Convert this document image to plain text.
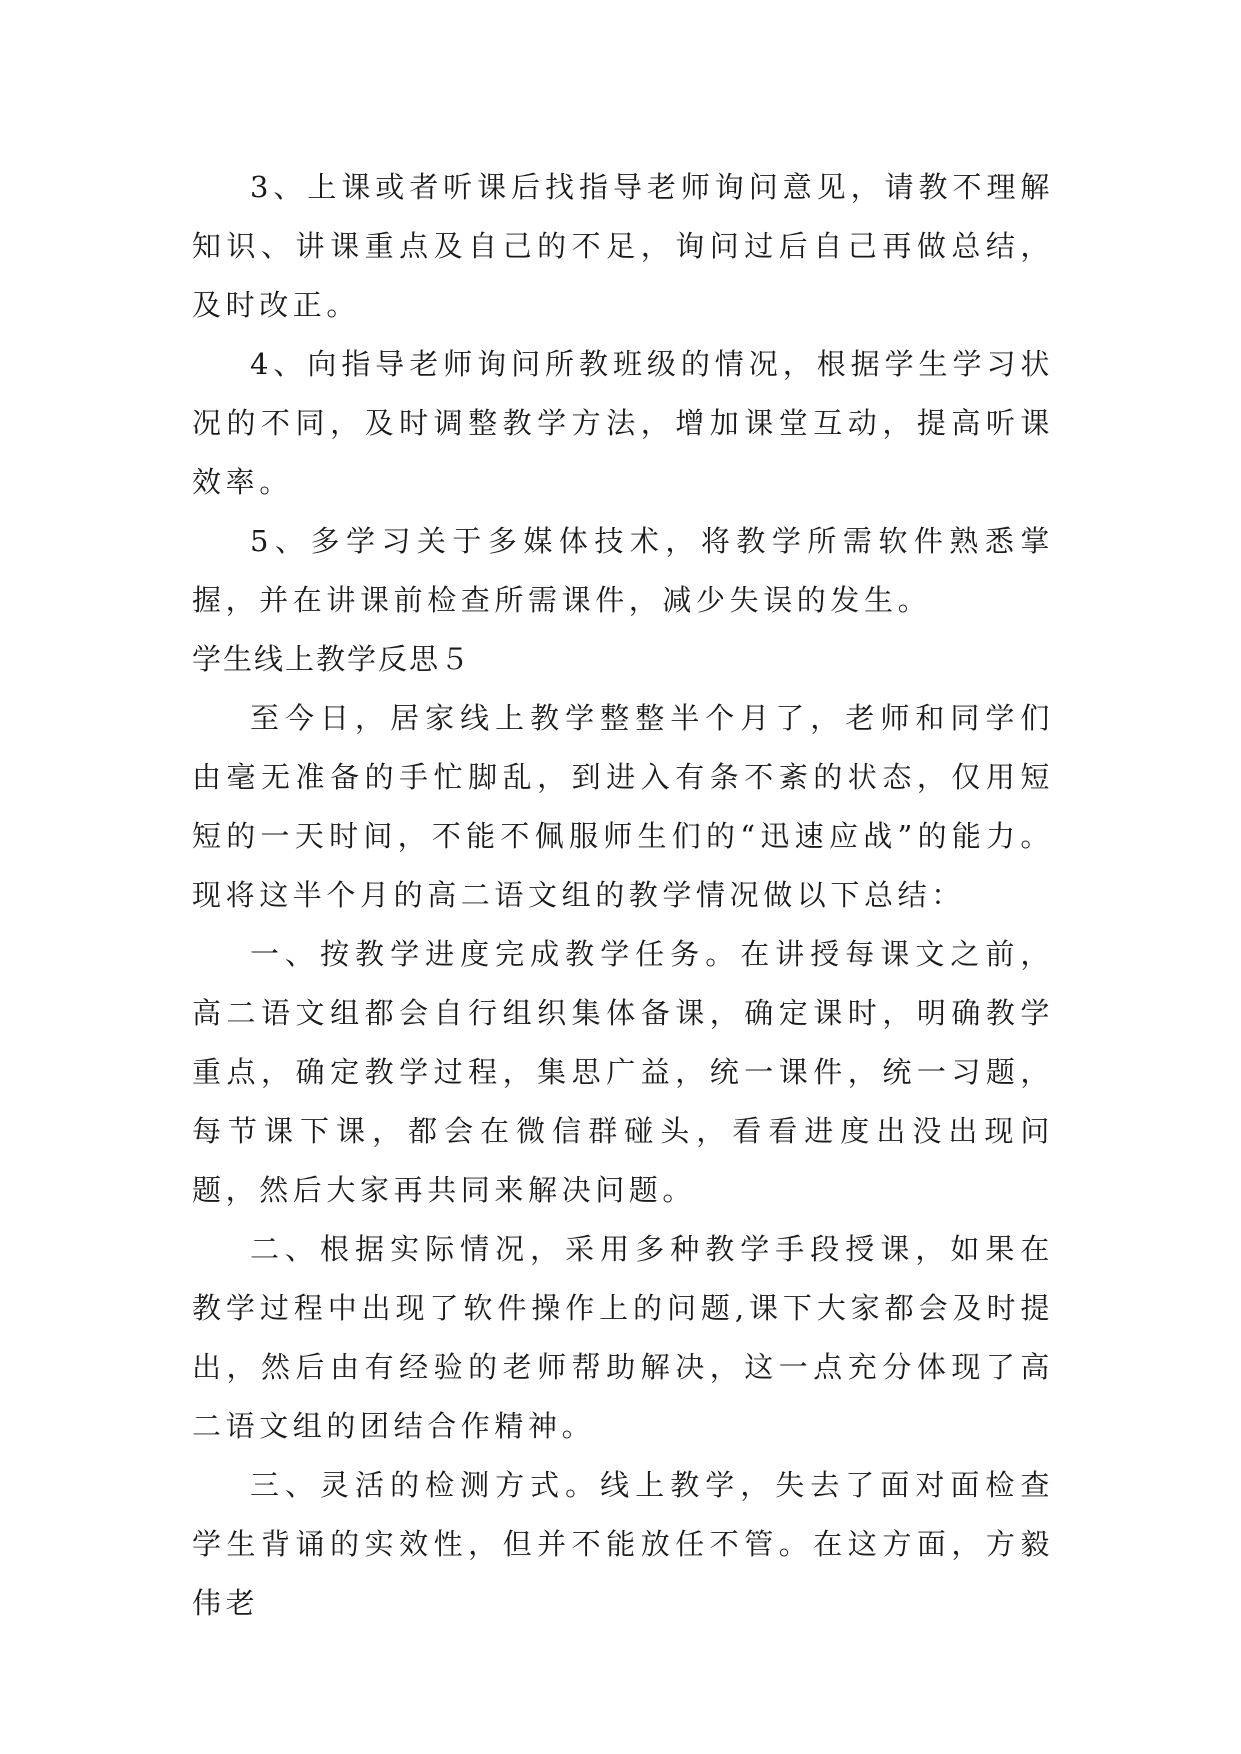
3、上课或者听课后找指导老师询问意见，请教不理解知识、讲课重点及自己的不足，询问过后自己再做总结，及时改正。

4、向指导老师询问所教班级的情况，根据学生学习状况的不同，及时调整教学方法，增加课堂互动，提高听课效率。

5、多学习关于多媒体技术，将教学所需软件熟悉掌握，并在讲课前检查所需课件，减少失误的发生。

学生线上教学反思５

至今日，居家线上教学整整半个月了，老师和同学们由毫无准备的手忙脚乱，到进入有条不紊的状态，仅用短短的一天时间，不能不佩服师生们的“迅速应战”的能力。现将这半个月的高二语文组的教学情况做以下总结：

一、按教学进度完成教学任务。在讲授每课文之前，高二语文组都会自行组织集体备课，确定课时，明确教学重点，确定教学过程，集思广益，统一课件，统一习题，每节课下课，都会在微信群碰头，看看进度出没出现问题，然后大家再共同来解决问题。

二、根据实际情况，采用多种教学手段授课，如果在教学过程中出现了软件操作上的问题,课下大家都会及时提出，然后由有经验的老师帮助解决，这一点充分体现了高二语文组的团结合作精神。

三、灵活的检测方式。线上教学，失去了面对面检查学生背诵的实效性，但并不能放任不管。在这方面，方毅伟老
